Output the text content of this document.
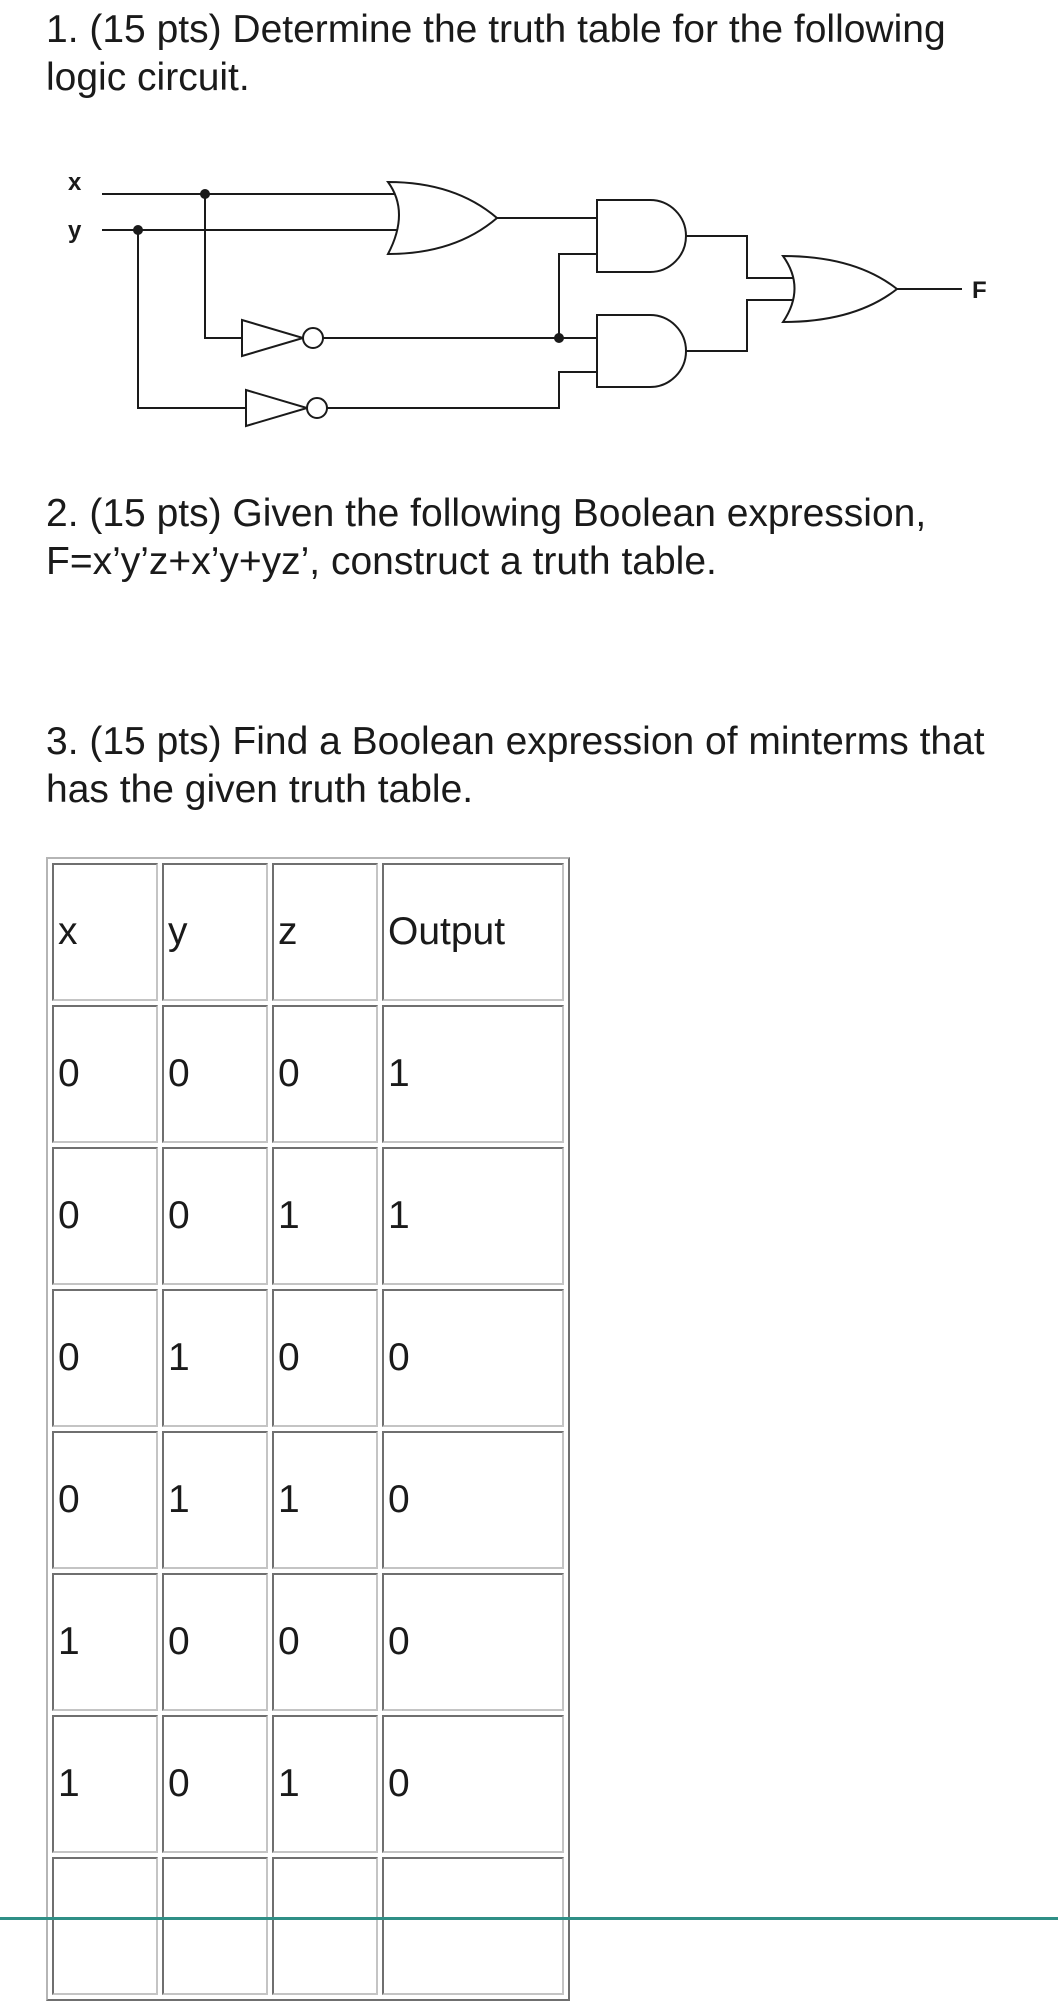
1. (15 pts) Determine the truth table for the following logic circuit.

x
y
F

2. (15 pts) Given the following Boolean expression, F=x’y’z+x’y+yz’, construct a truth table.

3. (15 pts) Find a Boolean expression of minterms that has the given truth table.

x	y	z	Output
0	0	0	1
0	0	1	1
0	1	0	0
0	1	1	0
1	0	0	0
1	0	1	0
